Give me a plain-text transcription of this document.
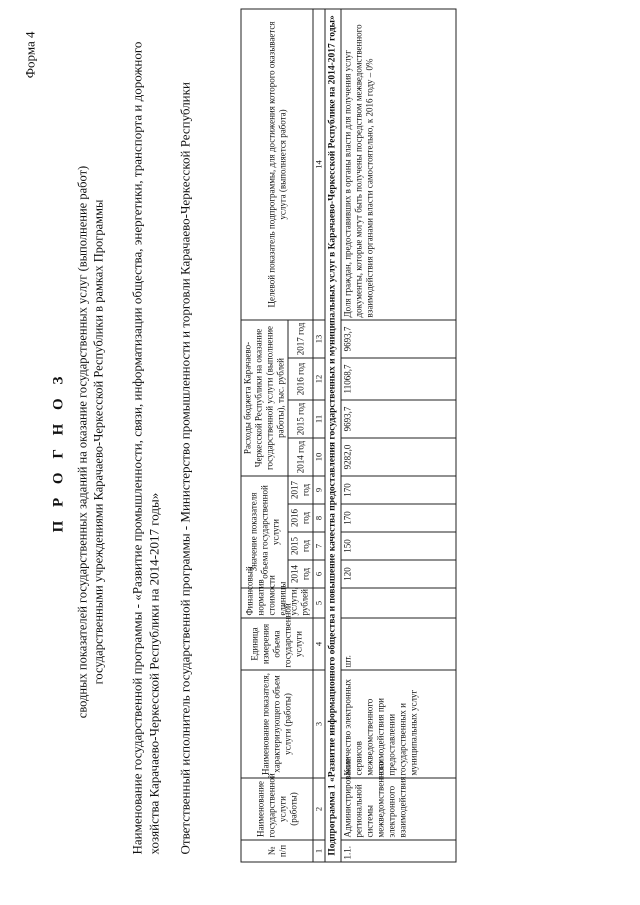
Форма 4
П Р О Г Н О З сводных показателей государственных заданий на оказание государственных услуг (выполнение работ) государственными учреждениями Карачаево-Черкесской Республики в рамках Программы Наименование государственной программы - «Развитие промышленности, связи, информатизации общества, энергетики, транспорта и дорожного хозяйства Карачаево-Черкесской Республики на 2014-2017 годы» Ответственный исполнитель государственной программы - Министерство промышленности и торговли Карачаево-Черкесской Республики	№ п/п	Наименование государственной услуги (работы)	Наименование показателя, характеризующего объем услуги (работы)	Единица измерения объема государственной услуги	Финансовый норматив стоимости единицы услуги, рублей	Значение показателя объема государственной услуги				Расходы бюджета Карачаево-Черкесской Республики на оказание государственной услуги (выполнение работы), тыс. рублей				Целевой показатель подпрограммы, для достижения которого оказывается услуга (выполняется работа)
					2014 год	2015 год	2016 год	2017 год	2014 год	2015 год	2016 год	2017 год	
1	2	3	4	5	6	7	8	9	10	11	12	13	14
Подпрограмма 1 «Развитие информационного общества и повышение качества предоставления государственных и муниципальных услуг в Карачаево-Черкесской Республике на 2014-2017 годы»													
1.1.	Администрирование региональной системы межведомственного электронного взаимодействия	Количество электронных сервисов межведомственного взаимодействия при предоставлении государственных и муниципальных услуг	шт.		120	150	170	170	9282,0	9693,7	11068,7	9693,7	Доля граждан, предоставивших в органы власти для получения услуг документы, которые могут быть получены посредством межведомственного взаимодействия органами власти самостоятельно, к 2016 году – 0%
